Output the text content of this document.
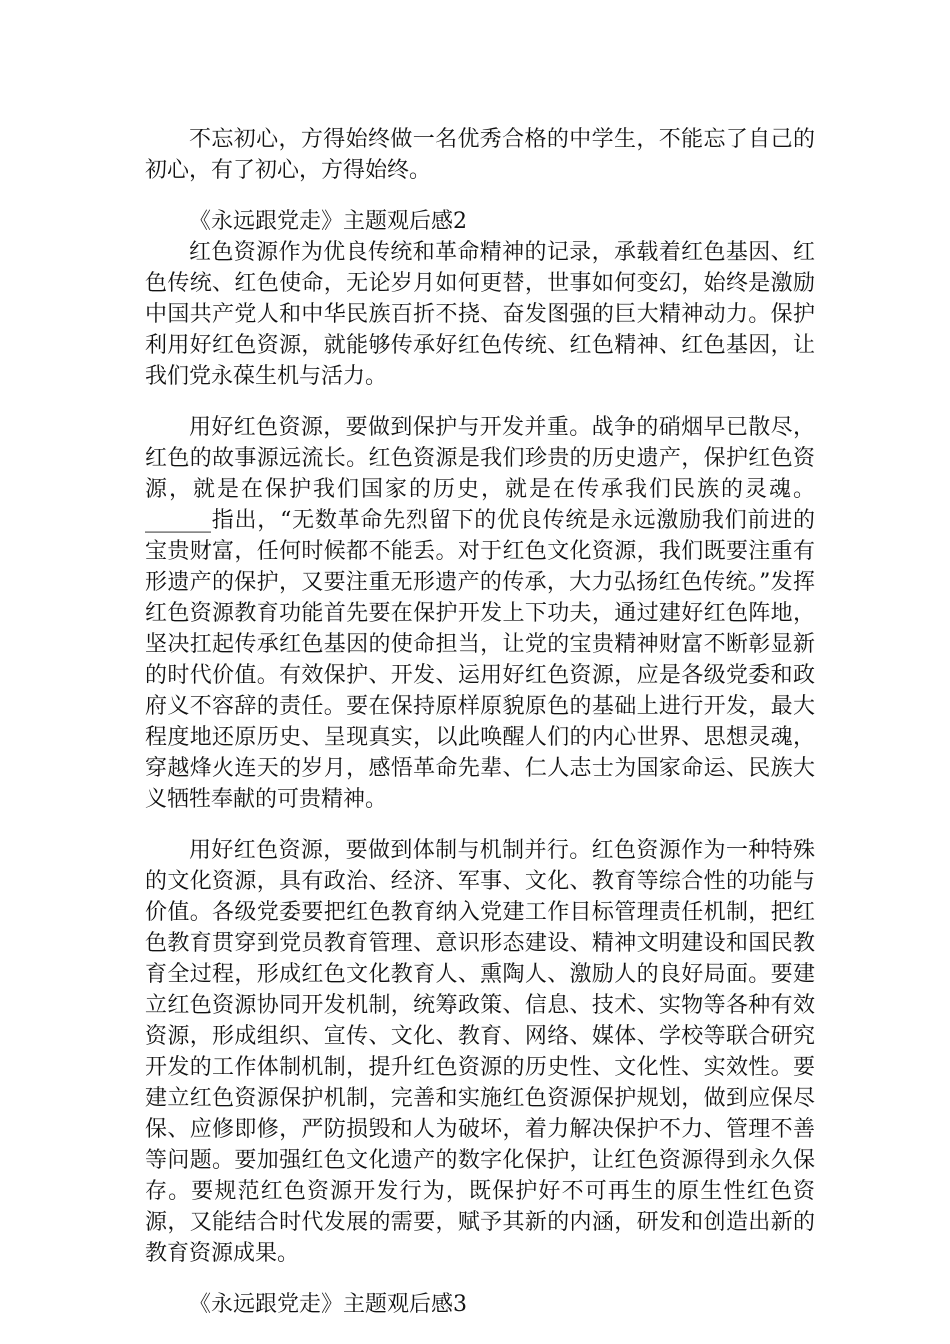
不忘初心，方得始终做一名优秀合格的中学生，不能忘了自己的初心，有了初心，方得始终。

《永远跟党走》主题观后感2

红色资源作为优良传统和革命精神的记录，承载着红色基因、红色传统、红色使命，无论岁月如何更替，世事如何变幻，始终是激励中国共产党人和中华民族百折不挠、奋发图强的巨大精神动力。保护利用好红色资源，就能够传承好红色传统、红色精神、红色基因，让我们党永葆生机与活力。

用好红色资源，要做到保护与开发并重。战争的硝烟早已散尽，红色的故事源远流长。红色资源是我们珍贵的历史遗产，保护红色资源，就是在保护我们国家的历史，就是在传承我们民族的灵魂。______指出，“无数革命先烈留下的优良传统是永远激励我们前进的宝贵财富，任何时候都不能丢。对于红色文化资源，我们既要注重有形遗产的保护，又要注重无形遗产的传承，大力弘扬红色传统。”发挥红色资源教育功能首先要在保护开发上下功夫，通过建好红色阵地，坚决扛起传承红色基因的使命担当，让党的宝贵精神财富不断彰显新的时代价值。有效保护、开发、运用好红色资源，应是各级党委和政府义不容辞的责任。要在保持原样原貌原色的基础上进行开发，最大程度地还原历史、呈现真实，以此唤醒人们的内心世界、思想灵魂，穿越烽火连天的岁月，感悟革命先辈、仁人志士为国家命运、民族大义牺牲奉献的可贵精神。

用好红色资源，要做到体制与机制并行。红色资源作为一种特殊的文化资源，具有政治、经济、军事、文化、教育等综合性的功能与价值。各级党委要把红色教育纳入党建工作目标管理责任机制，把红色教育贯穿到党员教育管理、意识形态建设、精神文明建设和国民教育全过程，形成红色文化教育人、熏陶人、激励人的良好局面。要建立红色资源协同开发机制，统筹政策、信息、技术、实物等各种有效资源，形成组织、宣传、文化、教育、网络、媒体、学校等联合研究开发的工作体制机制，提升红色资源的历史性、文化性、实效性。要建立红色资源保护机制，完善和实施红色资源保护规划，做到应保尽保、应修即修，严防损毁和人为破坏，着力解决保护不力、管理不善等问题。要加强红色文化遗产的数字化保护，让红色资源得到永久保存。要规范红色资源开发行为，既保护好不可再生的原生性红色资源，又能结合时代发展的需要，赋予其新的内涵，研发和创造出新的教育资源成果。

《永远跟党走》主题观后感3
